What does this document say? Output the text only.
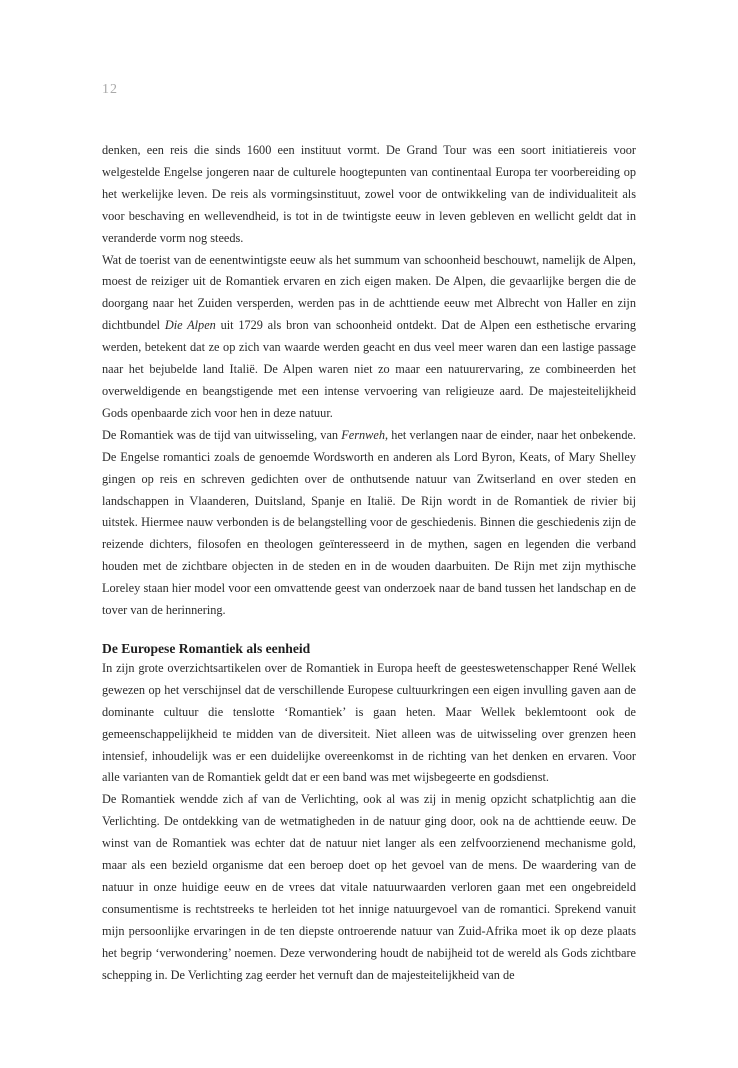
12

denken, een reis die sinds 1600 een instituut vormt. De Grand Tour was een soort initiatiereis voor welgestelde Engelse jongeren naar de culturele hoogtepunten van continentaal Europa ter voorbereiding op het werkelijke leven. De reis als vormingsinstituut, zowel voor de ontwikkeling van de individualiteit als voor beschaving en wellevendheid, is tot in de twintigste eeuw in leven gebleven en wellicht geldt dat in veranderde vorm nog steeds.

Wat de toerist van de eenentwintigste eeuw als het summum van schoonheid beschouwt, namelijk de Alpen, moest de reiziger uit de Romantiek ervaren en zich eigen maken. De Alpen, die gevaarlijke bergen die de doorgang naar het Zuiden versperden, werden pas in de achttiende eeuw met Albrecht von Haller en zijn dichtbundel Die Alpen uit 1729 als bron van schoonheid ontdekt. Dat de Alpen een esthetische ervaring werden, betekent dat ze op zich van waarde werden geacht en dus veel meer waren dan een lastige passage naar het bejubelde land Italië. De Alpen waren niet zo maar een natuurervaring, ze combineerden het overweldigende en beangstigende met een intense vervoering van religieuze aard. De majesteitelijkheid Gods openbaarde zich voor hen in deze natuur.

De Romantiek was de tijd van uitwisseling, van Fernweh, het verlangen naar de einder, naar het onbekende. De Engelse romantici zoals de genoemde Wordsworth en anderen als Lord Byron, Keats, of Mary Shelley gingen op reis en schreven gedichten over de onthutsende natuur van Zwitserland en over steden en landschappen in Vlaanderen, Duitsland, Spanje en Italië. De Rijn wordt in de Romantiek de rivier bij uitstek. Hiermee nauw verbonden is de belangstelling voor de geschiedenis. Binnen die geschiedenis zijn de reizende dichters, filosofen en theologen geïnteresseerd in de mythen, sagen en legenden die verband houden met de zichtbare objecten in de steden en in de wouden daarbuiten. De Rijn met zijn mythische Loreley staan hier model voor een omvattende geest van onderzoek naar de band tussen het landschap en de tover van de herinnering.

De Europese Romantiek als eenheid

In zijn grote overzichtsartikelen over de Romantiek in Europa heeft de geesteswetenschapper René Wellek gewezen op het verschijnsel dat de verschillende Europese cultuurkringen een eigen invulling gaven aan de dominante cultuur die tenslotte ‘Romantiek’ is gaan heten. Maar Wellek beklemtoont ook de gemeenschappelijkheid te midden van de diversiteit. Niet alleen was de uitwisseling over grenzen heen intensief, inhoudelijk was er een duidelijke overeenkomst in de richting van het denken en ervaren. Voor alle varianten van de Romantiek geldt dat er een band was met wijsbegeerte en godsdienst.

De Romantiek wendde zich af van de Verlichting, ook al was zij in menig opzicht schatplichtig aan die Verlichting. De ontdekking van de wetmatigheden in de natuur ging door, ook na de achttiende eeuw. De winst van de Romantiek was echter dat de natuur niet langer als een zelfvoorzienend mechanisme gold, maar als een bezield organisme dat een beroep doet op het gevoel van de mens. De waardering van de natuur in onze huidige eeuw en de vrees dat vitale natuurwaarden verloren gaan met een ongebreideld consumentisme is rechtstreeks te herleiden tot het innige natuurgevoel van de romantici. Sprekend vanuit mijn persoonlijke ervaringen in de ten diepste ontroerende natuur van Zuid-Afrika moet ik op deze plaats het begrip ‘verwondering’ noemen. Deze verwondering houdt de nabijheid tot de wereld als Gods zichtbare schepping in. De Verlichting zag eerder het vernuft dan de majesteitelijkheid van de
